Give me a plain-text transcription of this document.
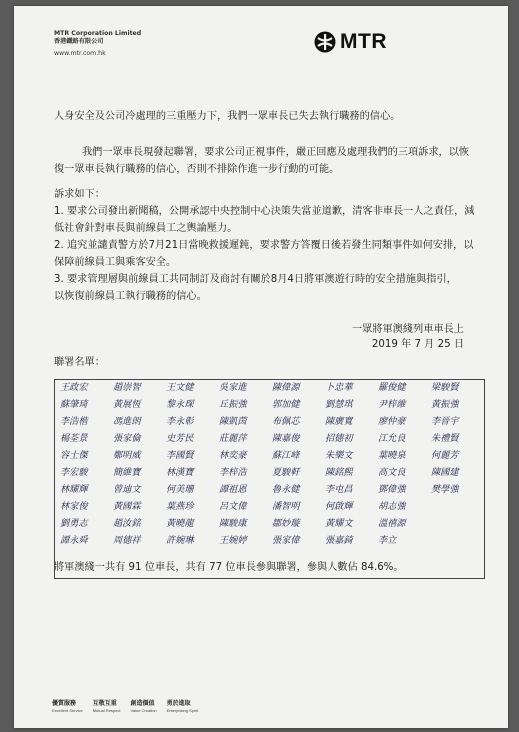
MTR Corporation Limited
香港鐵路有限公司
www.mtr.com.hk
MTR
人身安全及公司冷處理的三重壓力下，我們一眾車長已失去執行職務的信心。
我們一眾車長現發起聯署，要求公司正視事件，嚴正回應及處理我們的三項訴求，以恢復一眾車長執行職務的信心，否則不排除作進一步行動的可能。
訴求如下：
1. 要求公司發出新聞稿，公開承認中央控制中心決策失當並道歉，清客非車長一人之責任，減低社會針對車長與前線員工之輿論壓力。
2. 追究並譴責警方於7月21日當晚救援遲鈍，要求警方答覆日後若發生同類事件如何安排，以保障前線員工與乘客安全。
3. 要求管理層與前線員工共同制訂及商討有關於8月4日將軍澳遊行時的安全措施與指引，以恢復前線員工執行職務的信心。
一眾將軍澳綫列車車長上
2019 年 7 月 25 日
聯署名單：
王政宏	趙崇智	王文健	吳家進	陳偉源	卜忠華	羅俊健	梁駿賢
蘇肇琦	黃展恆	黎永琛	丘振強	郭加健	劉慧琪	尹梓維	黃振強
李浩楷	馮進朗	李永彰	陳凱茵	布佩芯	陳廣寬	廖仲豪	李晉宇
楊荃景	張家倫	史芳民	莊麗萍	陳嘉俊	招德初	江允良	朱禮賢
容士傑	鄭明威	李國賢	林奕豪	蘇江峰	朱樂文	葉曉泉	何麗芳
李宏駿	簡維寶	林漢寶	李梓浩	夏駿軒	陳銘熙	高文良	陳國建
林耀輝	曾迪文	何美珊	譚祖恩	魯永健	李屯昌	鄧偉強	樊學強
林家俊	黃國霖	葉燕珍	呂文偉	潘智明	何啟輝	胡志強	
劉勇志	趙汝銘	黃曉龍	陳駿康	鄒妙璇	黃耀文	溫禧源	
譚永舜	周德祥	許婉琳	王婉婷	張家偉	張嘉錡	李立	
將軍澳綫一共有 91 位車長，共有 77 位車長參與聯署，參與人數佔 84.6%。
優質服務
Excellent Service
互敬互重
Mutual Respect
創造價值
Value Creation
勇於進取
Enterprising Spirit
